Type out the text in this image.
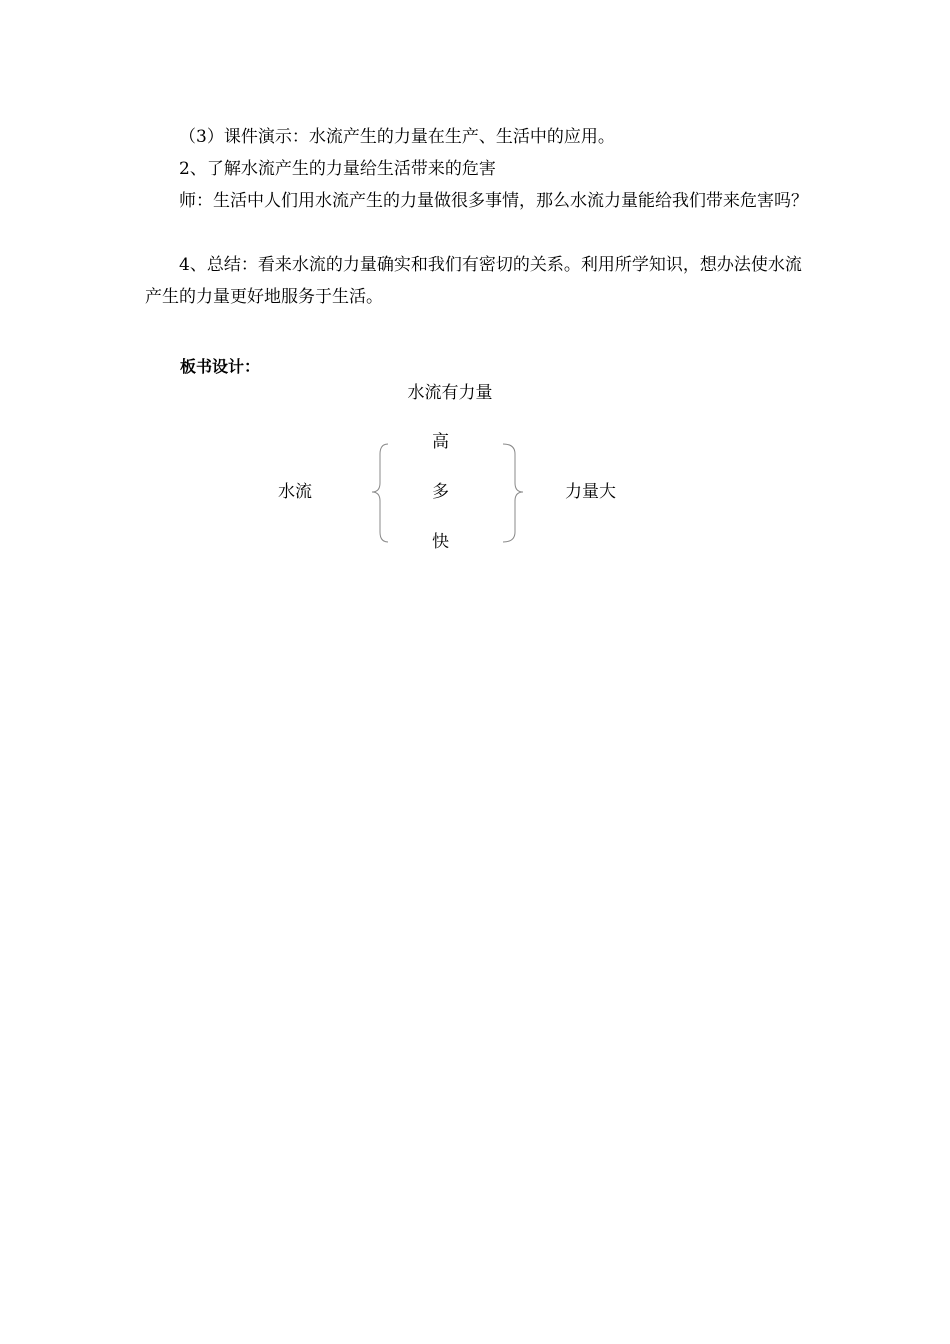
（3）课件演示：水流产生的力量在生产、生活中的应用。

2、了解水流产生的力量给生活带来的危害

师：生活中人们用水流产生的力量做很多事情，那么水流力量能给我们带来危害吗？

4、总结：看来水流的力量确实和我们有密切的关系。利用所学知识，想办法使水流产生的力量更好地服务于生活。

板书设计：

水流有力量

水流

高

多

快

力量大
